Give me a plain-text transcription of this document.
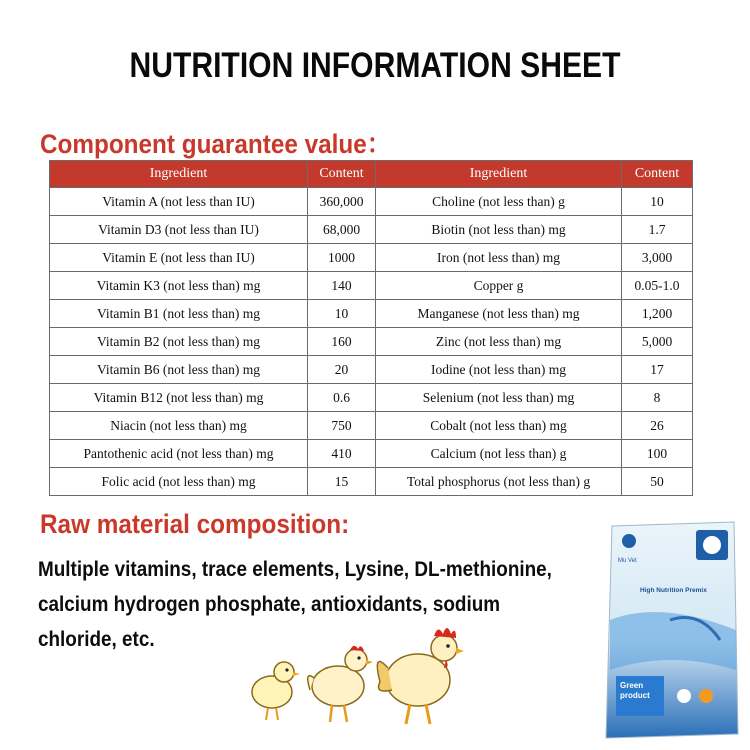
NUTRITION INFORMATION SHEET
Component guarantee value：
Ingredient	Content	Ingredient	Content
Vitamin A (not less than IU)	360,000	Choline (not less than) g	10
Vitamin D3 (not less than IU)	68,000	Biotin (not less than) mg	1.7
Vitamin E (not less than IU)	1000	Iron (not less than) mg	3,000
Vitamin K3 (not less than) mg	140	Copper g	0.05-1.0
Vitamin B1 (not less than) mg	10	Manganese (not less than) mg	1,200
Vitamin B2 (not less than) mg	160	Zinc (not less than) mg	5,000
Vitamin B6 (not less than) mg	20	Iodine (not less than) mg	17
Vitamin B12 (not less than) mg	0.6	Selenium (not less than) mg	8
Niacin (not less than) mg	750	Cobalt (not less than) mg	26
Pantothenic acid (not less than) mg	410	Calcium (not less than) g	100
Folic acid (not less than) mg	15	Total phosphorus (not less than) g	50
Raw material composition:
Multiple vitamins, trace elements, Lysine, DL-methionine, calcium hydrogen phosphate, antioxidants, sodium chloride, etc.
Mu Vet
High Nutrition Premix
Green
product
